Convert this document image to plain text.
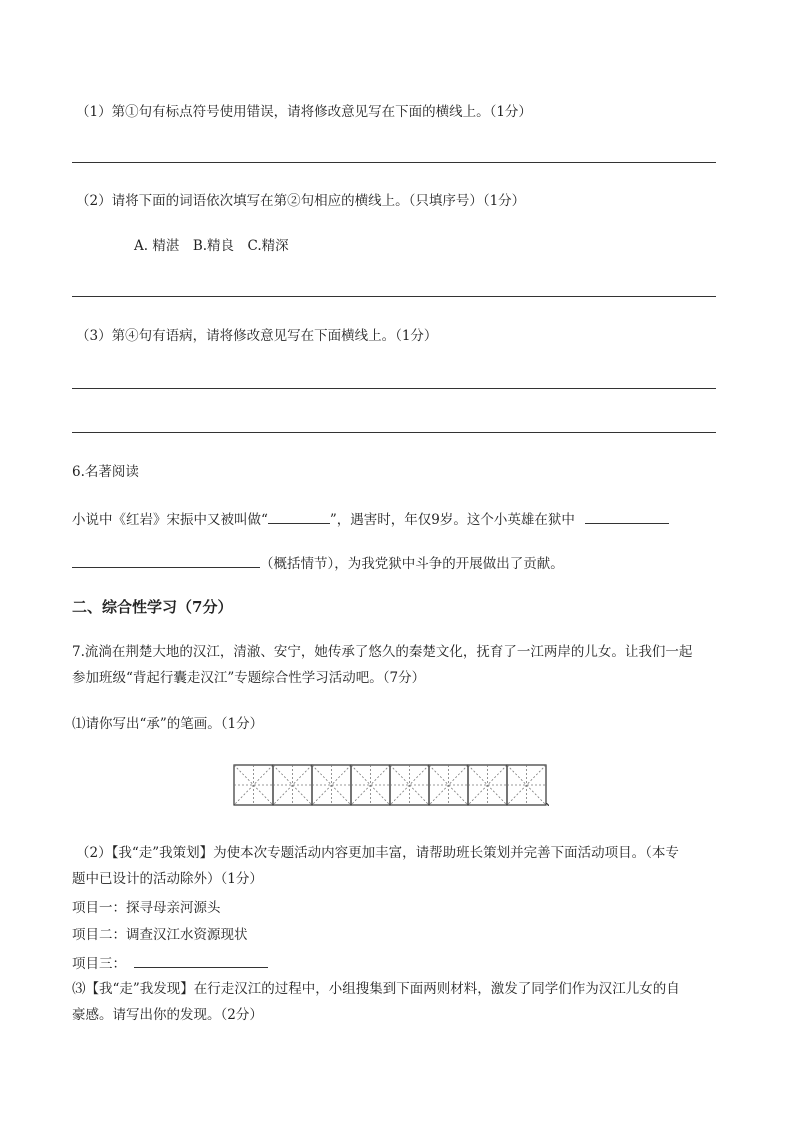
（1）第①句有标点符号使用错误，请将修改意见写在下面的横线上。（1分）
（2）请将下面的词语依次填写在第②句相应的横线上。（只填序号）（1分）
A. 精湛　B.精良　C.精深
（3）第④句有语病，请将修改意见写在下面横线上。（1分）
6.名著阅读
小说中《红岩》宋振中又被叫做“	”，遇害时，年仅9岁。这个小英雄在狱中
（概括情节），为我党狱中斗争的开展做出了贡献。
二、综合性学习（7分）
7.流淌在荆楚大地的汉江，清澈、安宁，她传承了悠久的秦楚文化，抚育了一江两岸的儿女。让我们一起
参加班级“背起行囊走汉江”专题综合性学习活动吧。（7分）
⑴请你写出“承”的笔画。（1分）
、
（2）【我“走”我策划】为使本次专题活动内容更加丰富，请帮助班长策划并完善下面活动项目。（本专
题中已设计的活动除外）（1分）
项目一：探寻母亲河源头
项目二：调查汉江水资源现状
项目三：
⑶【我“走”我发现】在行走汉江的过程中，小组搜集到下面两则材料，激发了同学们作为汉江儿女的自
豪感。请写出你的发现。（2分）
